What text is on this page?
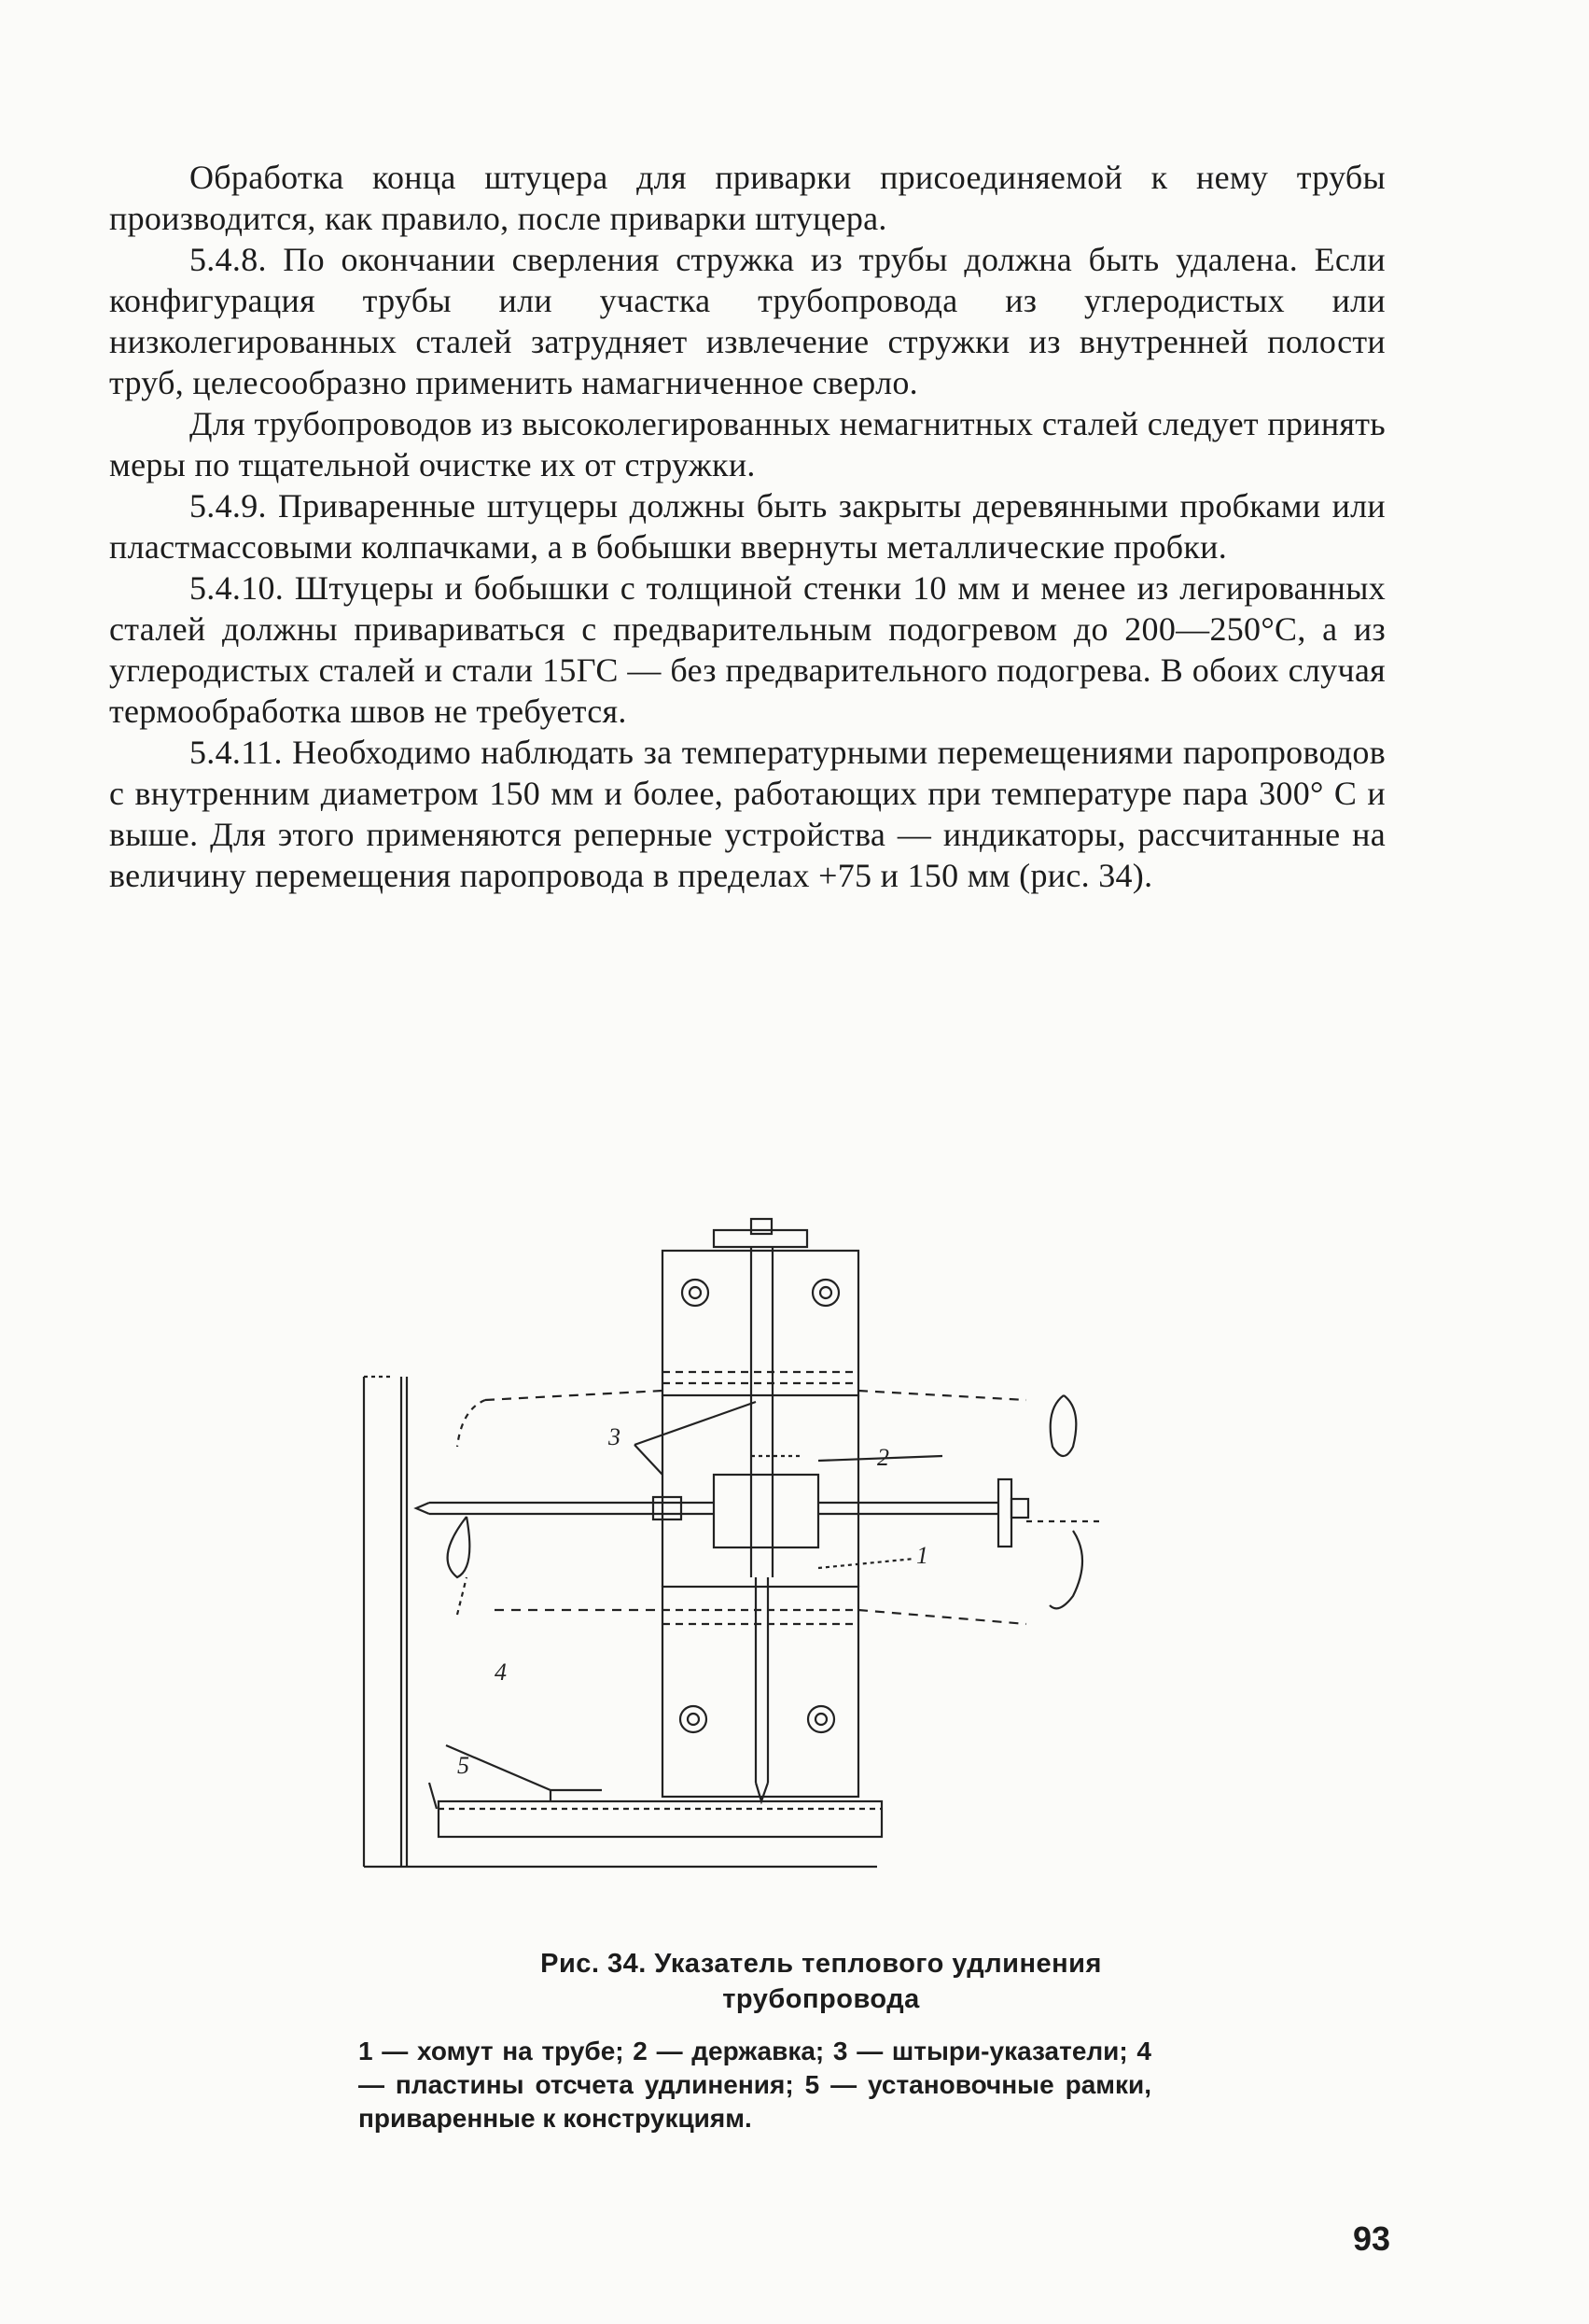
Обработка конца штуцера для приварки присоединяемой к нему трубы производится, как правило, после приварки штуцера.

5.4.8. По окончании сверления стружка из трубы должна быть удалена. Если конфигурация трубы или участка трубопровода из углеродистых или низколегированных сталей затрудняет извлечение стружки из внутренней полости труб, целесообразно применить намагниченное сверло.

Для трубопроводов из высоколегированных немагнитных сталей следует принять меры по тщательной очистке их от стружки.

5.4.9. Приваренные штуцеры должны быть закрыты деревянными пробками или пластмассовыми колпачками, а в бобышки ввернуты металлические пробки.

5.4.10. Штуцеры и бобышки с толщиной стенки 10 мм и менее из легированных сталей должны привариваться с предварительным подогревом до 200—250°С, а из углеродистых сталей и стали 15ГС — без предварительного подогрева. В обоих случая термообработка швов не требуется.

5.4.11. Необходимо наблюдать за температурными перемещениями паропроводов с внутренним диаметром 150 мм и более, работающих при температуре пара 300° С и выше. Для этого применяются реперные устройства — индикаторы, рассчитанные на величину перемещения паропровода в пределах +75 и 150 мм (рис. 34).

3
2
1
4
5
Рис. 34. Указатель теплового удлинения
трубопровода
1 — хомут на трубе; 2 — державка; 3 — штыри-указатели; 4 — пластины отсчета удлинения; 5 — установочные рамки, приваренные к конструкциям.
93
